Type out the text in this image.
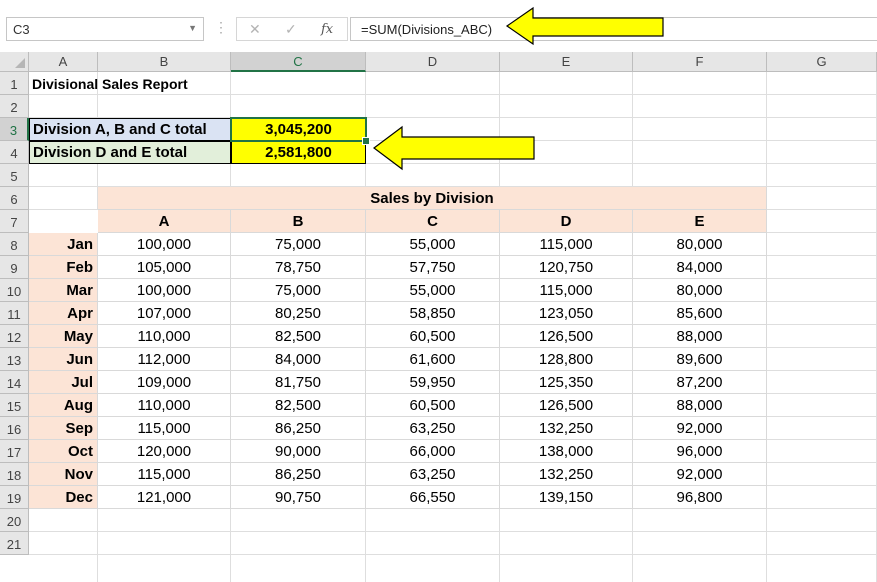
C3	▼ ⋮ ✕ ✓ fx =SUM(Divisions_ABC)
A	B	C	D	E	F	G
1
2
3
4
5
6
7
8
9
10
11
12
13
14
15
16
17
18
19
20
21
Divisional Sales Report
Division A, B and C total	3,045,200
Division D and E total	2,581,800
Sales by Division
A	B	C	D	E
Jan	100,000	75,000	55,000	115,000	80,000
Feb	105,000	78,750	57,750	120,750	84,000
Mar	100,000	75,000	55,000	115,000	80,000
Apr	107,000	80,250	58,850	123,050	85,600
May	110,000	82,500	60,500	126,500	88,000
Jun	112,000	84,000	61,600	128,800	89,600
Jul	109,000	81,750	59,950	125,350	87,200
Aug	110,000	82,500	60,500	126,500	88,000
Sep	115,000	86,250	63,250	132,250	92,000
Oct	120,000	90,000	66,000	138,000	96,000
Nov	115,000	86,250	63,250	132,250	92,000
Dec	121,000	90,750	66,550	139,150	96,800
